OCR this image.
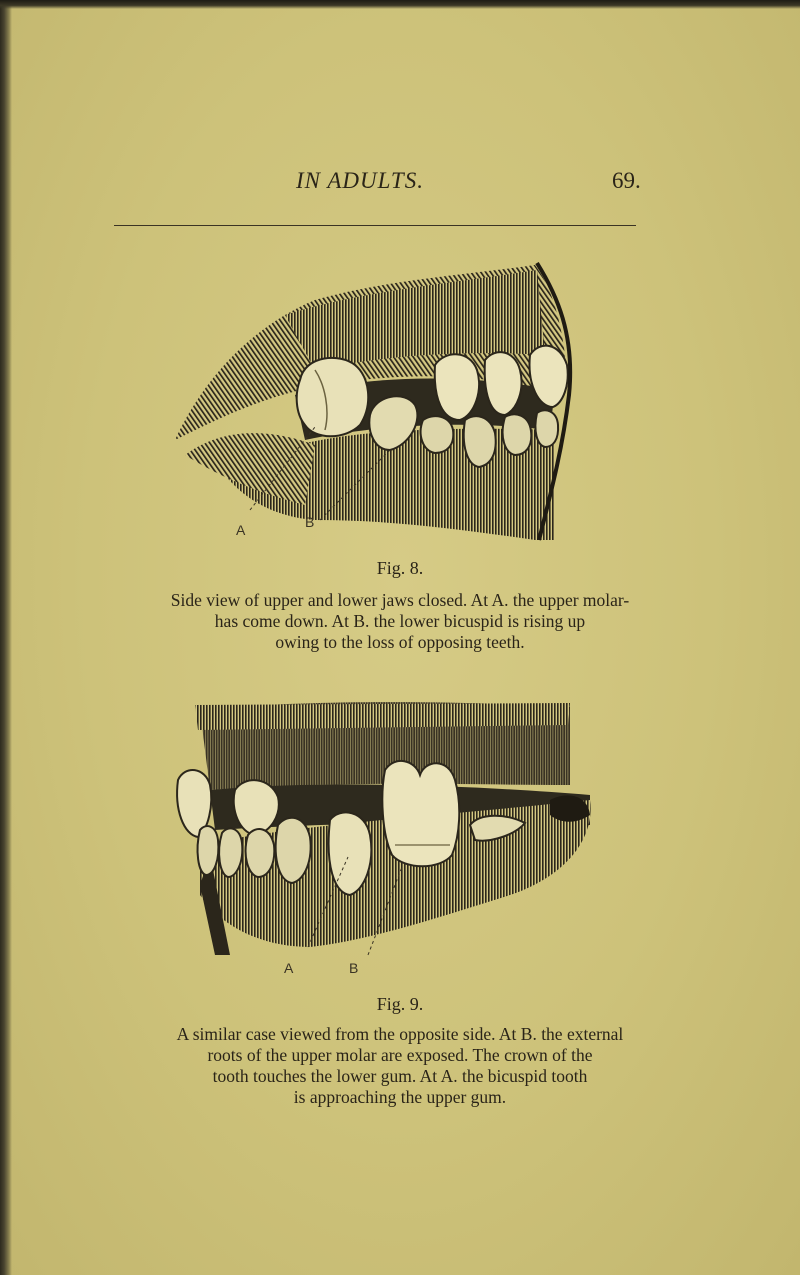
IN ADULTS.	69.
A	B
Fig. 8.
Side view of upper and lower jaws closed. At A. the upper molar-
has come down. At B. the lower bicuspid is rising up
owing to the loss of opposing teeth.
A	B
Fig. 9.
A similar case viewed from the opposite side. At B. the external
roots of the upper molar are exposed. The crown of the
tooth touches the lower gum. At A. the bicuspid tooth
is approaching the upper gum.
